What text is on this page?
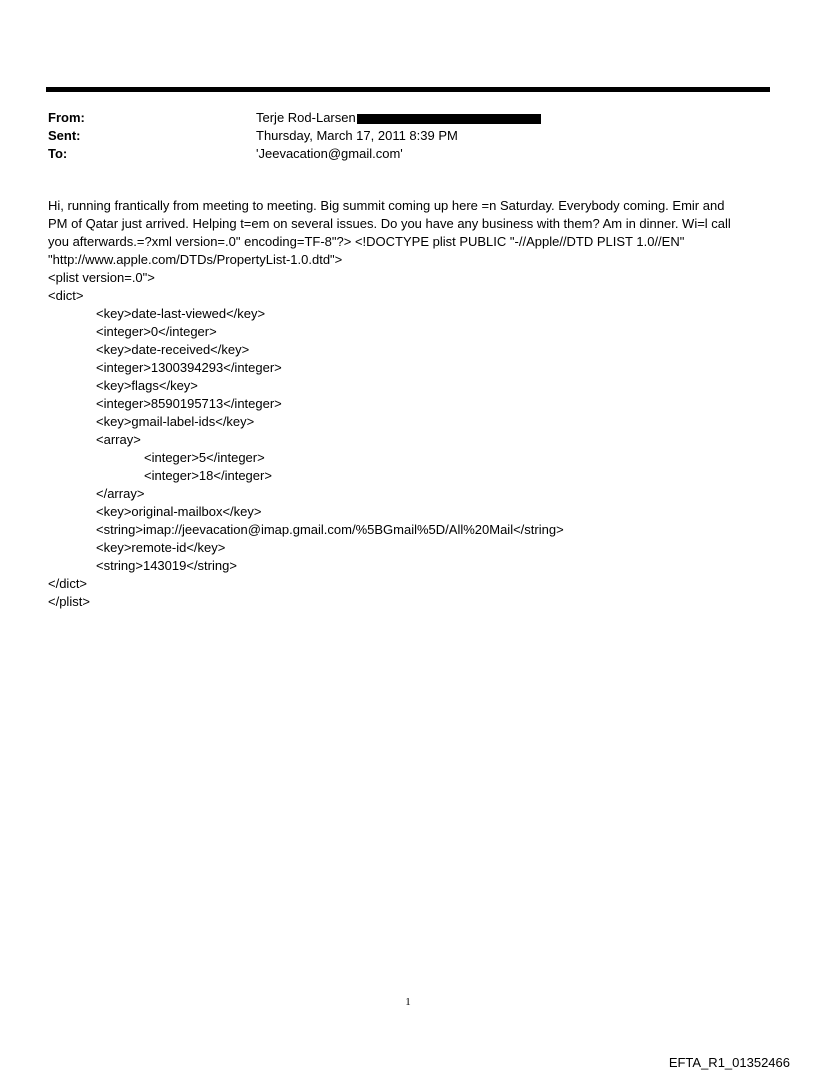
From:	Terje Rod-Larsen
Sent:	Thursday, March 17, 2011 8:39 PM
To:	'Jeevacation@gmail.com'
Hi, running frantically from meeting to meeting. Big summit coming up here =n Saturday. Everybody coming. Emir and
PM of Qatar just arrived. Helping t=em on several issues. Do you have any business with them? Am in dinner. Wi=l call
you afterwards.=?xml version=.0" encoding=TF-8"?> <!DOCTYPE plist PUBLIC "-//Apple//DTD PLIST 1.0//EN"
"http://www.apple.com/DTDs/PropertyList-1.0.dtd">
<plist version=.0">
<dict>
<key>date-last-viewed</key>
<integer>0</integer>
<key>date-received</key>
<integer>1300394293</integer>
<key>flags</key>
<integer>8590195713</integer>
<key>gmail-label-ids</key>
<array>
<integer>5</integer>
<integer>18</integer>
</array>
<key>original-mailbox</key>
<string>imap://jeevacation@imap.gmail.com/%5BGmail%5D/All%20Mail</string>
<key>remote-id</key>
<string>143019</string>
</dict>
</plist>
1
EFTA_R1_01352466
